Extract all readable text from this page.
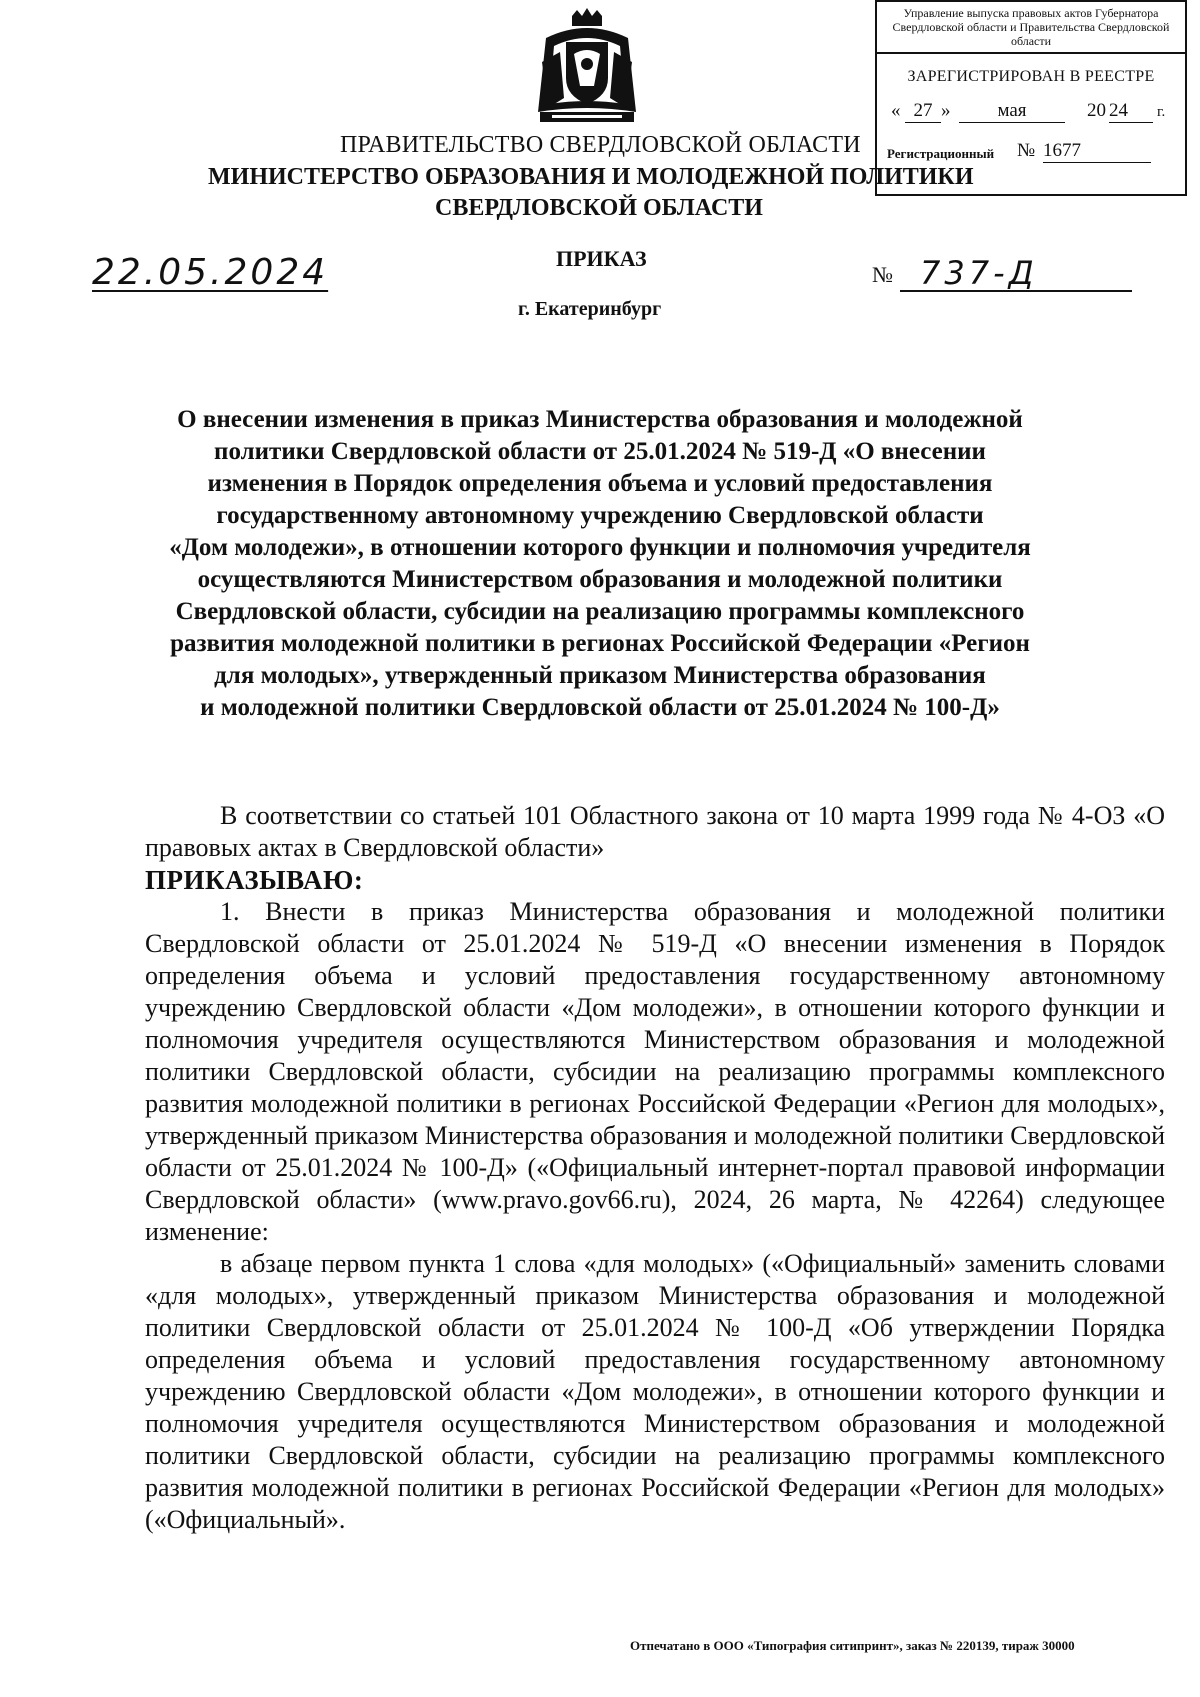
Управление выпуска правовых актов Губернатора Свердловской области и Правительства Свердловской области
ЗАРЕГИСТРИРОВАН В РЕЕСТРЕ
« 27 »	мая	20 24	г.
Регистрационный № 1677
ПРАВИТЕЛЬСТВО СВЕРДЛОВСКОЙ ОБЛАСТИ
МИНИСТЕРСТВО ОБРАЗОВАНИЯ И МОЛОДЕЖНОЙ ПОЛИТИКИ
СВЕРДЛОВСКОЙ ОБЛАСТИ
22.05.2024	ПРИКАЗ
№ 737-Д
г. Екатеринбург
О внесении изменения в приказ Министерства образования и молодежной
политики Свердловской области от 25.01.2024 № 519-Д «О внесении
изменения в Порядок определения объема и условий предоставления
государственному автономному учреждению Свердловской области
«Дом молодежи», в отношении которого функции и полномочия учредителя
осуществляются Министерством образования и молодежной политики
Свердловской области, субсидии на реализацию программы комплексного
развития молодежной политики в регионах Российской Федерации «Регион
для молодых», утвержденный приказом Министерства образования
и молодежной политики Свердловской области от 25.01.2024 № 100-Д»

В соответствии со статьей 101 Областного закона от 10 марта 1999 года № 4-ОЗ «О правовых актах в Свердловской области»

ПРИКАЗЫВАЮ:

1. Внести в приказ Министерства образования и молодежной политики Свердловской области от 25.01.2024 № 519-Д «О внесении изменения в Порядок определения объема и условий предоставления государственному автономному учреждению Свердловской области «Дом молодежи», в отношении которого функции и полномочия учредителя осуществляются Министерством образования и молодежной политики Свердловской области, субсидии на реализацию программы комплексного развития молодежной политики в регионах Российской Федерации «Регион для молодых», утвержденный приказом Министерства образования и молодежной политики Свердловской области от 25.01.2024 № 100-Д» («Официальный интернет-портал правовой информации Свердловской области» (www.pravo.gov66.ru), 2024, 26 марта, № 42264) следующее изменение:

в абзаце первом пункта 1 слова «для молодых» («Официальный» заменить словами «для молодых», утвержденный приказом Министерства образования и молодежной политики Свердловской области от 25.01.2024 № 100-Д «Об утверждении Порядка определения объема и условий предоставления государственному автономному учреждению Свердловской области «Дом молодежи», в отношении которого функции и полномочия учредителя осуществляются Министерством образования и молодежной политики Свердловской области, субсидии на реализацию программы комплексного развития молодежной политики в регионах Российской Федерации «Регион для молодых» («Официальный».

Отпечатано в ООО «Типография ситипринт», заказ № 220139, тираж 30000
